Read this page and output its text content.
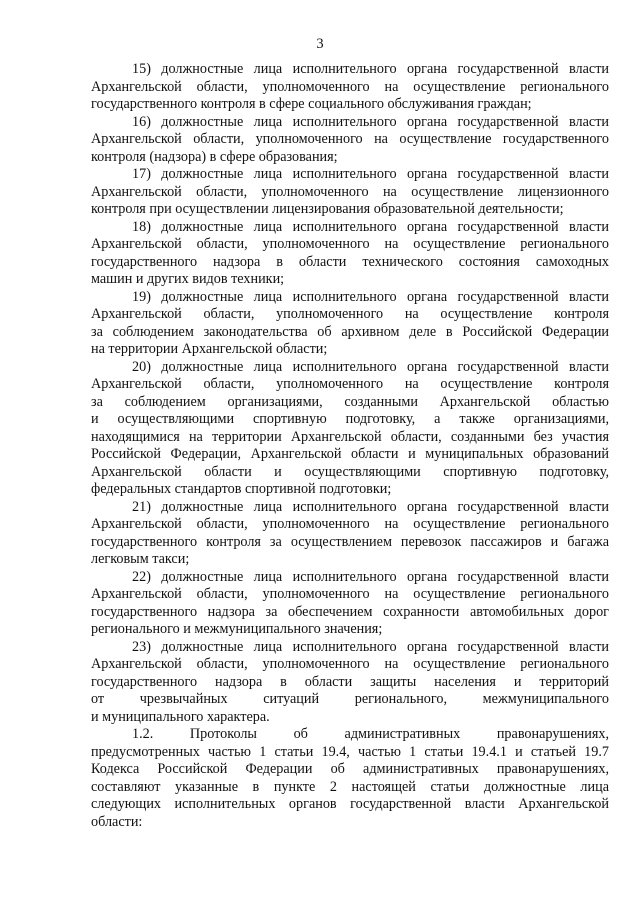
3
15) должностные лица исполнительного органа государственной власти
Архангельской области, уполномоченного на осуществление регионального
государственного контроля в сфере социального обслуживания граждан;
16) должностные лица исполнительного органа государственной власти
Архангельской области, уполномоченного на осуществление государственного
контроля (надзора) в сфере образования;
17) должностные лица исполнительного органа государственной власти
Архангельской области, уполномоченного на осуществление лицензионного
контроля при осуществлении лицензирования образовательной деятельности;
18) должностные лица исполнительного органа государственной власти
Архангельской области, уполномоченного на осуществление регионального
государственного надзора в области технического состояния самоходных
машин и других видов техники;
19) должностные лица исполнительного органа государственной власти
Архангельской области, уполномоченного на осуществление контроля
за соблюдением законодательства об архивном деле в Российской Федерации
на территории Архангельской области;
20) должностные лица исполнительного органа государственной власти
Архангельской области, уполномоченного на осуществление контроля
за соблюдением организациями, созданными Архангельской областью
и осуществляющими спортивную подготовку, а также организациями,
находящимися на территории Архангельской области, созданными без участия
Российской Федерации, Архангельской области и муниципальных образований
Архангельской области и осуществляющими спортивную подготовку,
федеральных стандартов спортивной подготовки;
21) должностные лица исполнительного органа государственной власти
Архангельской области, уполномоченного на осуществление регионального
государственного контроля за осуществлением перевозок пассажиров и багажа
легковым такси;
22) должностные лица исполнительного органа государственной власти
Архангельской области, уполномоченного на осуществление регионального
государственного надзора за обеспечением сохранности автомобильных дорог
регионального и межмуниципального значения;
23) должностные лица исполнительного органа государственной власти
Архангельской области, уполномоченного на осуществление регионального
государственного надзора в области защиты населения и территорий
от чрезвычайных ситуаций регионального, межмуниципального
и муниципального характера.
1.2. Протоколы об административных правонарушениях,
предусмотренных частью 1 статьи 19.4, частью 1 статьи 19.4.1 и статьей 19.7
Кодекса Российской Федерации об административных правонарушениях,
составляют указанные в пункте 2 настоящей статьи должностные лица
следующих исполнительных органов государственной власти Архангельской
области:
